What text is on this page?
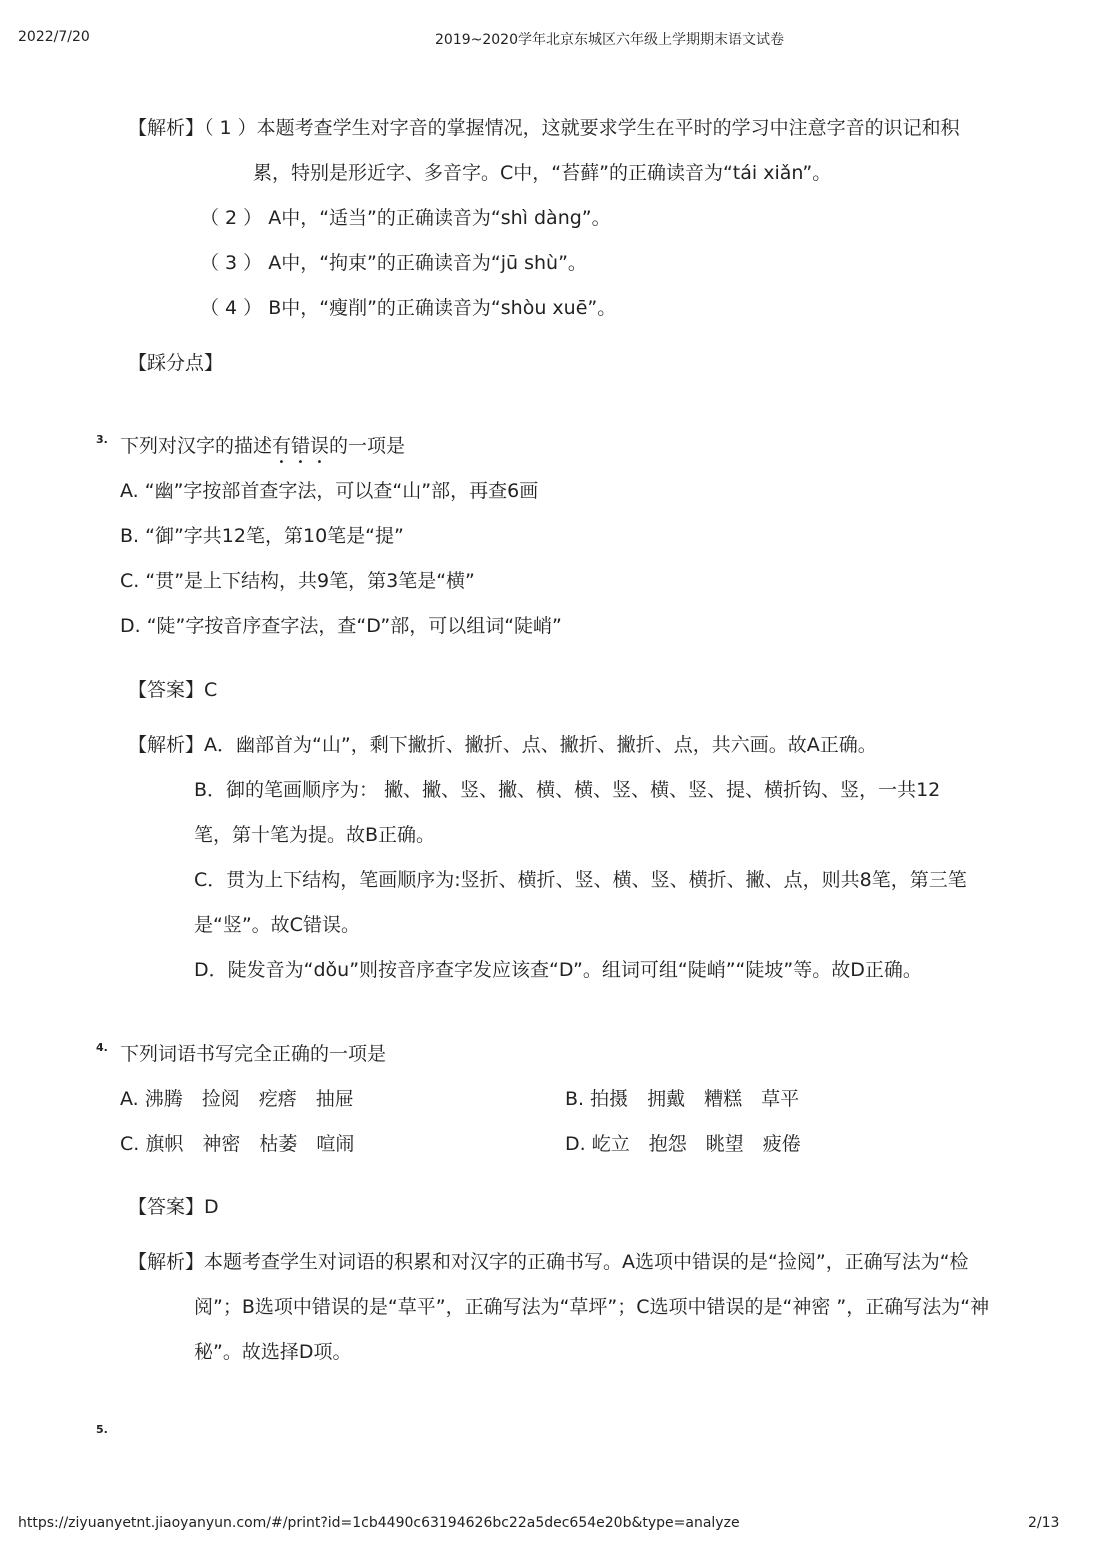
2022/7/20	2019~2020学年北京东城区六年级上学期期末语文试卷
【解析】（ 1 ）本题考查学生对字音的掌握情况，这就要求学生在平时的学习中注意字音的识记和积
累，特别是形近字、多音字。C中，“苔藓”的正确读音为“tái xiǎn”。
（ 2 ） A中，“适当”的正确读音为“shì dàng”。
（ 3 ） A中，“拘束”的正确读音为“jū shù”。
（ 4 ） B中，“瘦削”的正确读音为“shòu xuē”。
【踩分点】
3. 下列对汉字的描述有错误的一项是
A. “幽”字按部首查字法，可以查“山”部，再查6画
B. “御”字共12笔，第10笔是“提”
C. “贯”是上下结构，共9笔，第3笔是“横”
D. “陡”字按音序查字法，查“D”部，可以组词“陡峭”
【答案】C
【解析】A．幽部首为“山”，剩下撇折、撇折、点、撇折、撇折、点，共六画。故A正确。
B．御的笔画顺序为： 撇、撇、竖、撇、横、横、竖、横、竖、提、横折钩、竖，一共12
笔，第十笔为提。故B正确。
C．贯为上下结构，笔画顺序为:竖折、横折、竖、横、竖、横折、撇、点，则共8笔，第三笔
是“竖”。故C错误。
D．陡发音为“dǒu”则按音序查字发应该查“D”。组词可组“陡峭”“陡坡”等。故D正确。
4. 下列词语书写完全正确的一项是
A. 沸腾　捡阅　疙瘩　抽屉	B. 拍摄　拥戴　糟糕　草平
C. 旗帜　神密　枯萎　喧闹	D. 屹立　抱怨　眺望　疲倦
【答案】D
【解析】本题考查学生对词语的积累和对汉字的正确书写。A选项中错误的是“捡阅”，正确写法为“检
阅”；B选项中错误的是“草平”，正确写法为“草坪”；C选项中错误的是“神密 ”，正确写法为“神
秘”。故选择D项。
5.
https://ziyuanyetnt.jiaoyanyun.com/#/print?id=1cb4490c63194626bc22a5dec654e20b&type=analyze	2/13
